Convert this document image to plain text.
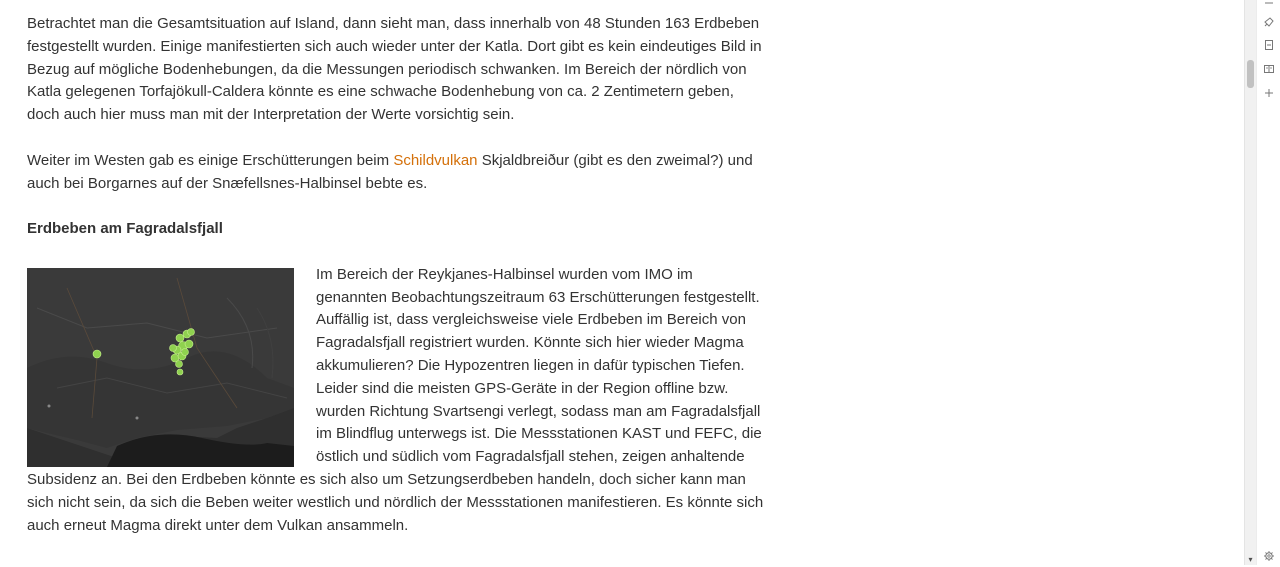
Betrachtet man die Gesamtsituation auf Island, dann sieht man, dass innerhalb von 48 Stunden 163 Erdbeben festgestellt wurden. Einige manifestierten sich auch wieder unter der Katla. Dort gibt es kein eindeutiges Bild in Bezug auf mögliche Bodenhebungen, da die Messungen periodisch schwanken. Im Bereich der nördlich von Katla gelegenen Torfajökull-Caldera könnte es eine schwache Bodenhebung von ca. 2 Zentimetern geben, doch auch hier muss man mit der Interpretation der Werte vorsichtig sein.

Weiter im Westen gab es einige Erschütterungen beim Schildvulkan Skjaldbreiður (gibt es den zweimal?) und auch bei Borgarnes auf der Snæfellsnes-Halbinsel bebte es.

Erdbeben am Fagradalsfjall

Im Bereich der Reykjanes-Halbinsel wurden vom IMO im genannten Beobachtungszeitraum 63 Erschütterungen festgestellt. Auffällig ist, dass vergleichsweise viele Erdbeben im Bereich von Fagradalsfjall registriert wurden. Könnte sich hier wieder Magma akkumulieren? Die Hypozentren liegen in dafür typischen Tiefen. Leider sind die meisten GPS-Geräte in der Region offline bzw. wurden Richtung Svartsengi verlegt, sodass man am Fagradalsfjall im Blindflug unterwegs ist. Die Messstationen KAST und FEFC, die östlich und südlich vom Fagradalsfjall stehen, zeigen anhaltende Subsidenz an. Bei den Erdbeben könnte es sich also um Setzungserdbeben handeln, doch sicher kann man sich nicht sein, da sich die Beben weiter westlich und nördlich der Messstationen manifestieren. Es könnte sich auch erneut Magma direkt unter dem Vulkan ansammeln.

▾
